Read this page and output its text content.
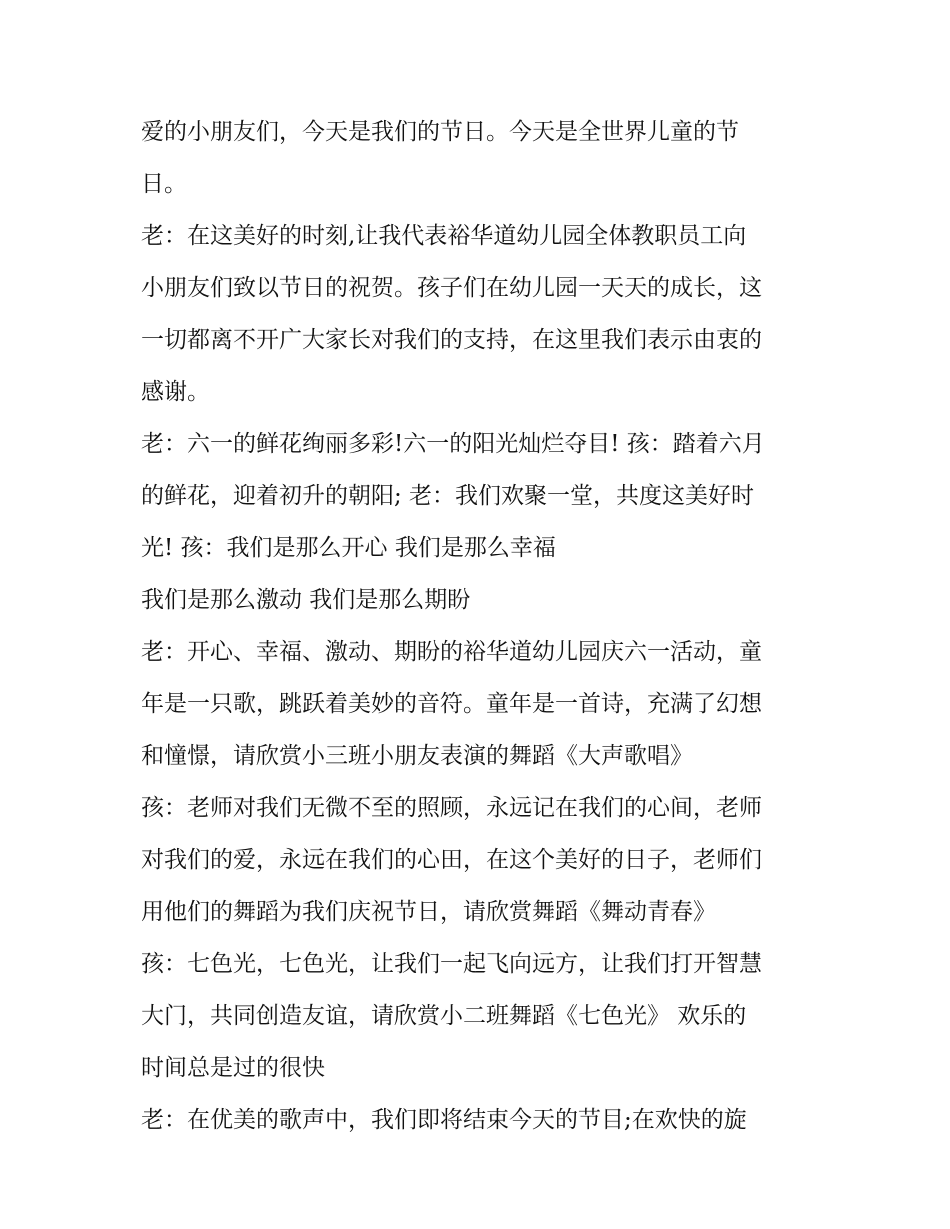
爱的小朋友们，今天是我们的节日。今天是全世界儿童的节
日。
老：在这美好的时刻,让我代表裕华道幼儿园全体教职员工向
小朋友们致以节日的祝贺。孩子们在幼儿园一天天的成长，这
一切都离不开广大家长对我们的支持，在这里我们表示由衷的
感谢。
老：六一的鲜花绚丽多彩!六一的阳光灿烂夺目! 孩：踏着六月
的鲜花，迎着初升的朝阳; 老：我们欢聚一堂，共度这美好时
光! 孩：我们是那么开心 我们是那么幸福
我们是那么激动 我们是那么期盼
老：开心、幸福、激动、期盼的裕华道幼儿园庆六一活动，童
年是一只歌，跳跃着美妙的音符。童年是一首诗，充满了幻想
和憧憬，请欣赏小三班小朋友表演的舞蹈《大声歌唱》
孩：老师对我们无微不至的照顾，永远记在我们的心间，老师
对我们的爱，永远在我们的心田，在这个美好的日子，老师们
用他们的舞蹈为我们庆祝节日，请欣赏舞蹈《舞动青春》
孩：七色光，七色光，让我们一起飞向远方，让我们打开智慧
大门，共同创造友谊，请欣赏小二班舞蹈《七色光》 欢乐的
时间总是过的很快
老：在优美的歌声中，我们即将结束今天的节目;在欢快的旋
